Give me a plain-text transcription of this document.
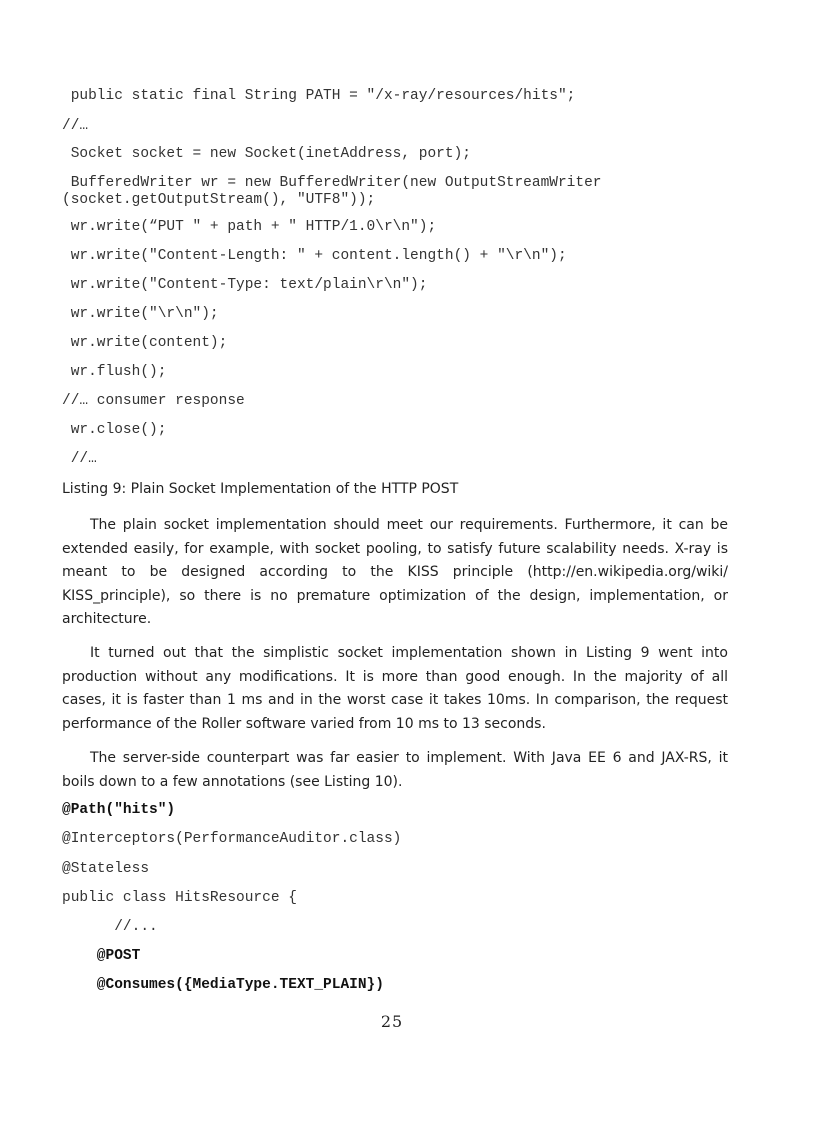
public static final String PATH = "/x-ray/resources/hits";
//…
Socket socket = new Socket(inetAddress, port);
BufferedWriter wr = new BufferedWriter(new OutputStreamWriter
(socket.getOutputStream(), "UTF8"));
wr.write(“PUT " + path + " HTTP/1.0\r\n");
wr.write("Content-Length: " + content.length() + "\r\n");
wr.write("Content-Type: text/plain\r\n");
wr.write("\r\n");
wr.write(content);
wr.flush();
//… consumer response
wr.close();
//…
Listing 9: Plain Socket Implementation of the HTTP POST

The plain socket implementation should meet our requirements. Furthermore, it can be extended easily, for example, with socket pooling, to satisfy future scalability needs. X-ray is meant to be designed according to the KISS principle (http://en.wikipedia.org/wiki/ KISS_principle), so there is no premature optimization of the design, implementation, or architecture.

It turned out that the simplistic socket implementation shown in Listing 9 went into production without any modifications. It is more than good enough. In the majority of all cases, it is faster than 1 ms and in the worst case it takes 10ms. In comparison, the request performance of the Roller software varied from 10 ms to 13 seconds.

The server-side counterpart was far easier to implement. With Java EE 6 and JAX-RS, it boils down to a few annotations (see Listing 10).

@Path("hits")
@Interceptors(PerformanceAuditor.class)
@Stateless
public class HitsResource {
//...
@POST
@Consumes({MediaType.TEXT_PLAIN})
25
